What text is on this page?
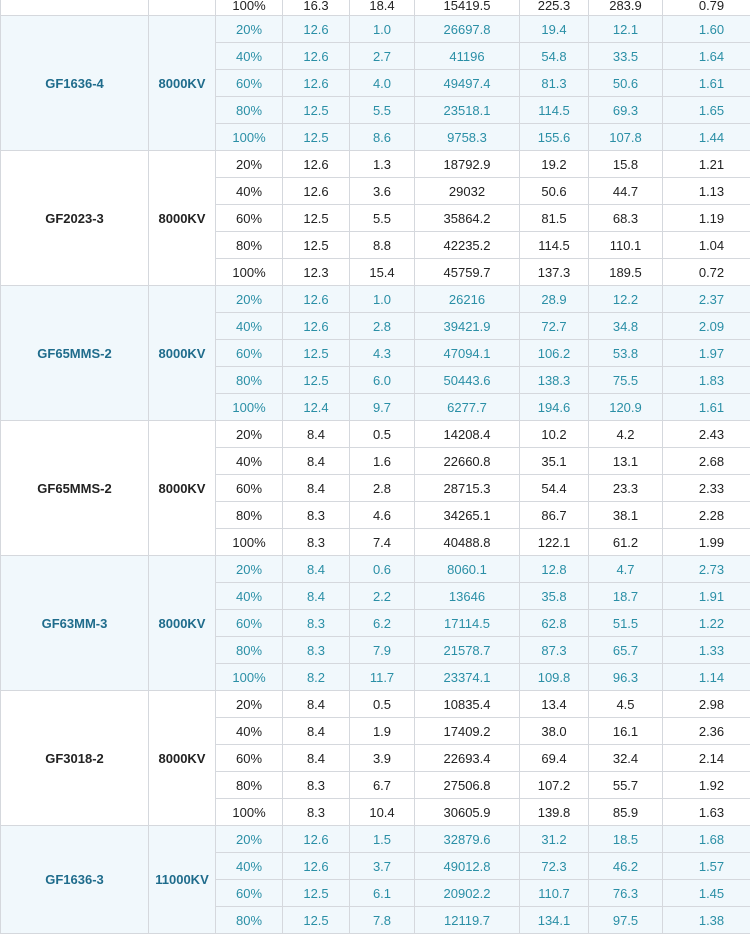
		100%	16.3	18.4	15419.5	225.3	283.9	0.79
GF1636-4	8000KV	20%	12.6	1.0	26697.8	19.4	12.1	1.60
		40%	12.6	2.7	41196	54.8	33.5	1.64
		60%	12.6	4.0	49497.4	81.3	50.6	1.61
		80%	12.5	5.5	23518.1	114.5	69.3	1.65
		100%	12.5	8.6	9758.3	155.6	107.8	1.44
GF2023-3	8000KV	20%	12.6	1.3	18792.9	19.2	15.8	1.21
		40%	12.6	3.6	29032	50.6	44.7	1.13
		60%	12.5	5.5	35864.2	81.5	68.3	1.19
		80%	12.5	8.8	42235.2	114.5	110.1	1.04
		100%	12.3	15.4	45759.7	137.3	189.5	0.72
GF65MMS-2	8000KV	20%	12.6	1.0	26216	28.9	12.2	2.37
		40%	12.6	2.8	39421.9	72.7	34.8	2.09
		60%	12.5	4.3	47094.1	106.2	53.8	1.97
		80%	12.5	6.0	50443.6	138.3	75.5	1.83
		100%	12.4	9.7	6277.7	194.6	120.9	1.61
GF65MMS-2	8000KV	20%	8.4	0.5	14208.4	10.2	4.2	2.43
		40%	8.4	1.6	22660.8	35.1	13.1	2.68
		60%	8.4	2.8	28715.3	54.4	23.3	2.33
		80%	8.3	4.6	34265.1	86.7	38.1	2.28
		100%	8.3	7.4	40488.8	122.1	61.2	1.99
GF63MM-3	8000KV	20%	8.4	0.6	8060.1	12.8	4.7	2.73
		40%	8.4	2.2	13646	35.8	18.7	1.91
		60%	8.3	6.2	17114.5	62.8	51.5	1.22
		80%	8.3	7.9	21578.7	87.3	65.7	1.33
		100%	8.2	11.7	23374.1	109.8	96.3	1.14
GF3018-2	8000KV	20%	8.4	0.5	10835.4	13.4	4.5	2.98
		40%	8.4	1.9	17409.2	38.0	16.1	2.36
		60%	8.4	3.9	22693.4	69.4	32.4	2.14
		80%	8.3	6.7	27506.8	107.2	55.7	1.92
		100%	8.3	10.4	30605.9	139.8	85.9	1.63
GF1636-3	11000KV	20%	12.6	1.5	32879.6	31.2	18.5	1.68
		40%	12.6	3.7	49012.8	72.3	46.2	1.57
		60%	12.5	6.1	20902.2	110.7	76.3	1.45
		80%	12.5	7.8	12119.7	134.1	97.5	1.38
